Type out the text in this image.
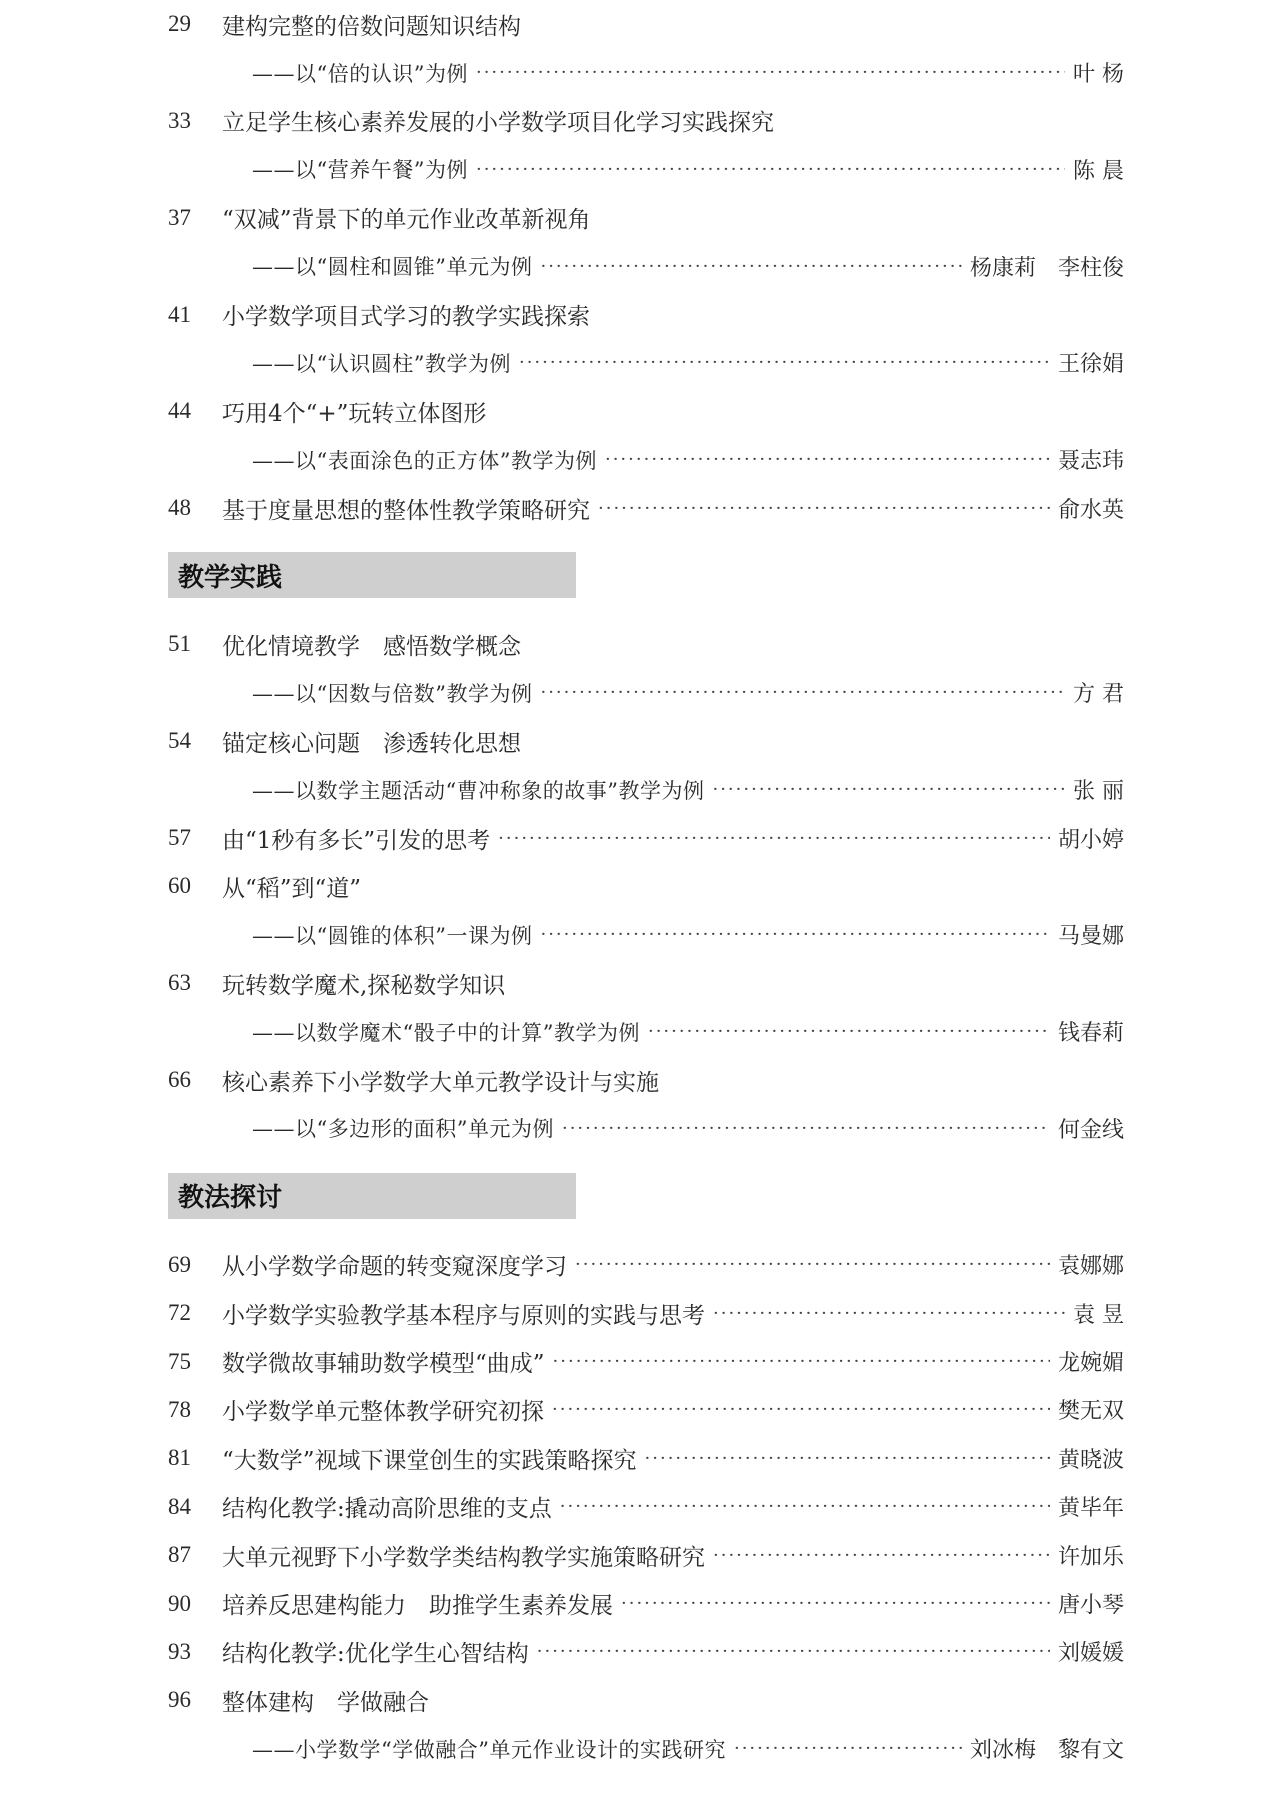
29	建构完整的倍数问题知识结构
——以“倍的认识”为例 ·····	叶 杨
33	立足学生核心素养发展的小学数学项目化学习实践探究
——以“营养午餐”为例 ·····	陈 晨
37	“双减”背景下的单元作业改革新视角
——以“圆柱和圆锥”单元为例 ·····	杨康莉　李柱俊
41	小学数学项目式学习的教学实践探索
——以“认识圆柱”教学为例 ·····	王徐娟
44	巧用4个“+”玩转立体图形
——以“表面涂色的正方体”教学为例 ·····	聂志玮
48	基于度量思想的整体性教学策略研究 ·····	俞水英
教学实践
51	优化情境教学　感悟数学概念
——以“因数与倍数”教学为例 ·····	方 君
54	锚定核心问题　渗透转化思想
——以数学主题活动“曹冲称象的故事”教学为例 ·····	张 丽
57	由“1秒有多长”引发的思考 ·····	胡小婷
60	从“稻”到“道”
——以“圆锥的体积”一课为例 ·····	马曼娜
63	玩转数学魔术,探秘数学知识
——以数学魔术“骰子中的计算”教学为例 ·····	钱春莉
66	核心素养下小学数学大单元教学设计与实施
——以“多边形的面积”单元为例 ·····	何金线
教法探讨
69	从小学数学命题的转变窥深度学习 ·····	袁娜娜
72	小学数学实验教学基本程序与原则的实践与思考 ·····	袁 昱
75	数学微故事辅助数学模型“曲成” ·····	龙婉媚
78	小学数学单元整体教学研究初探 ·····	樊无双
81	“大数学”视域下课堂创生的实践策略探究 ·····	黄晓波
84	结构化教学:撬动高阶思维的支点 ·····	黄毕年
87	大单元视野下小学数学类结构教学实施策略研究 ·····	许加乐
90	培养反思建构能力　助推学生素养发展 ·····	唐小琴
93	结构化教学:优化学生心智结构 ·····	刘媛媛
96	整体建构　学做融合
——小学数学“学做融合”单元作业设计的实践研究 ·····	刘冰梅　黎有文
